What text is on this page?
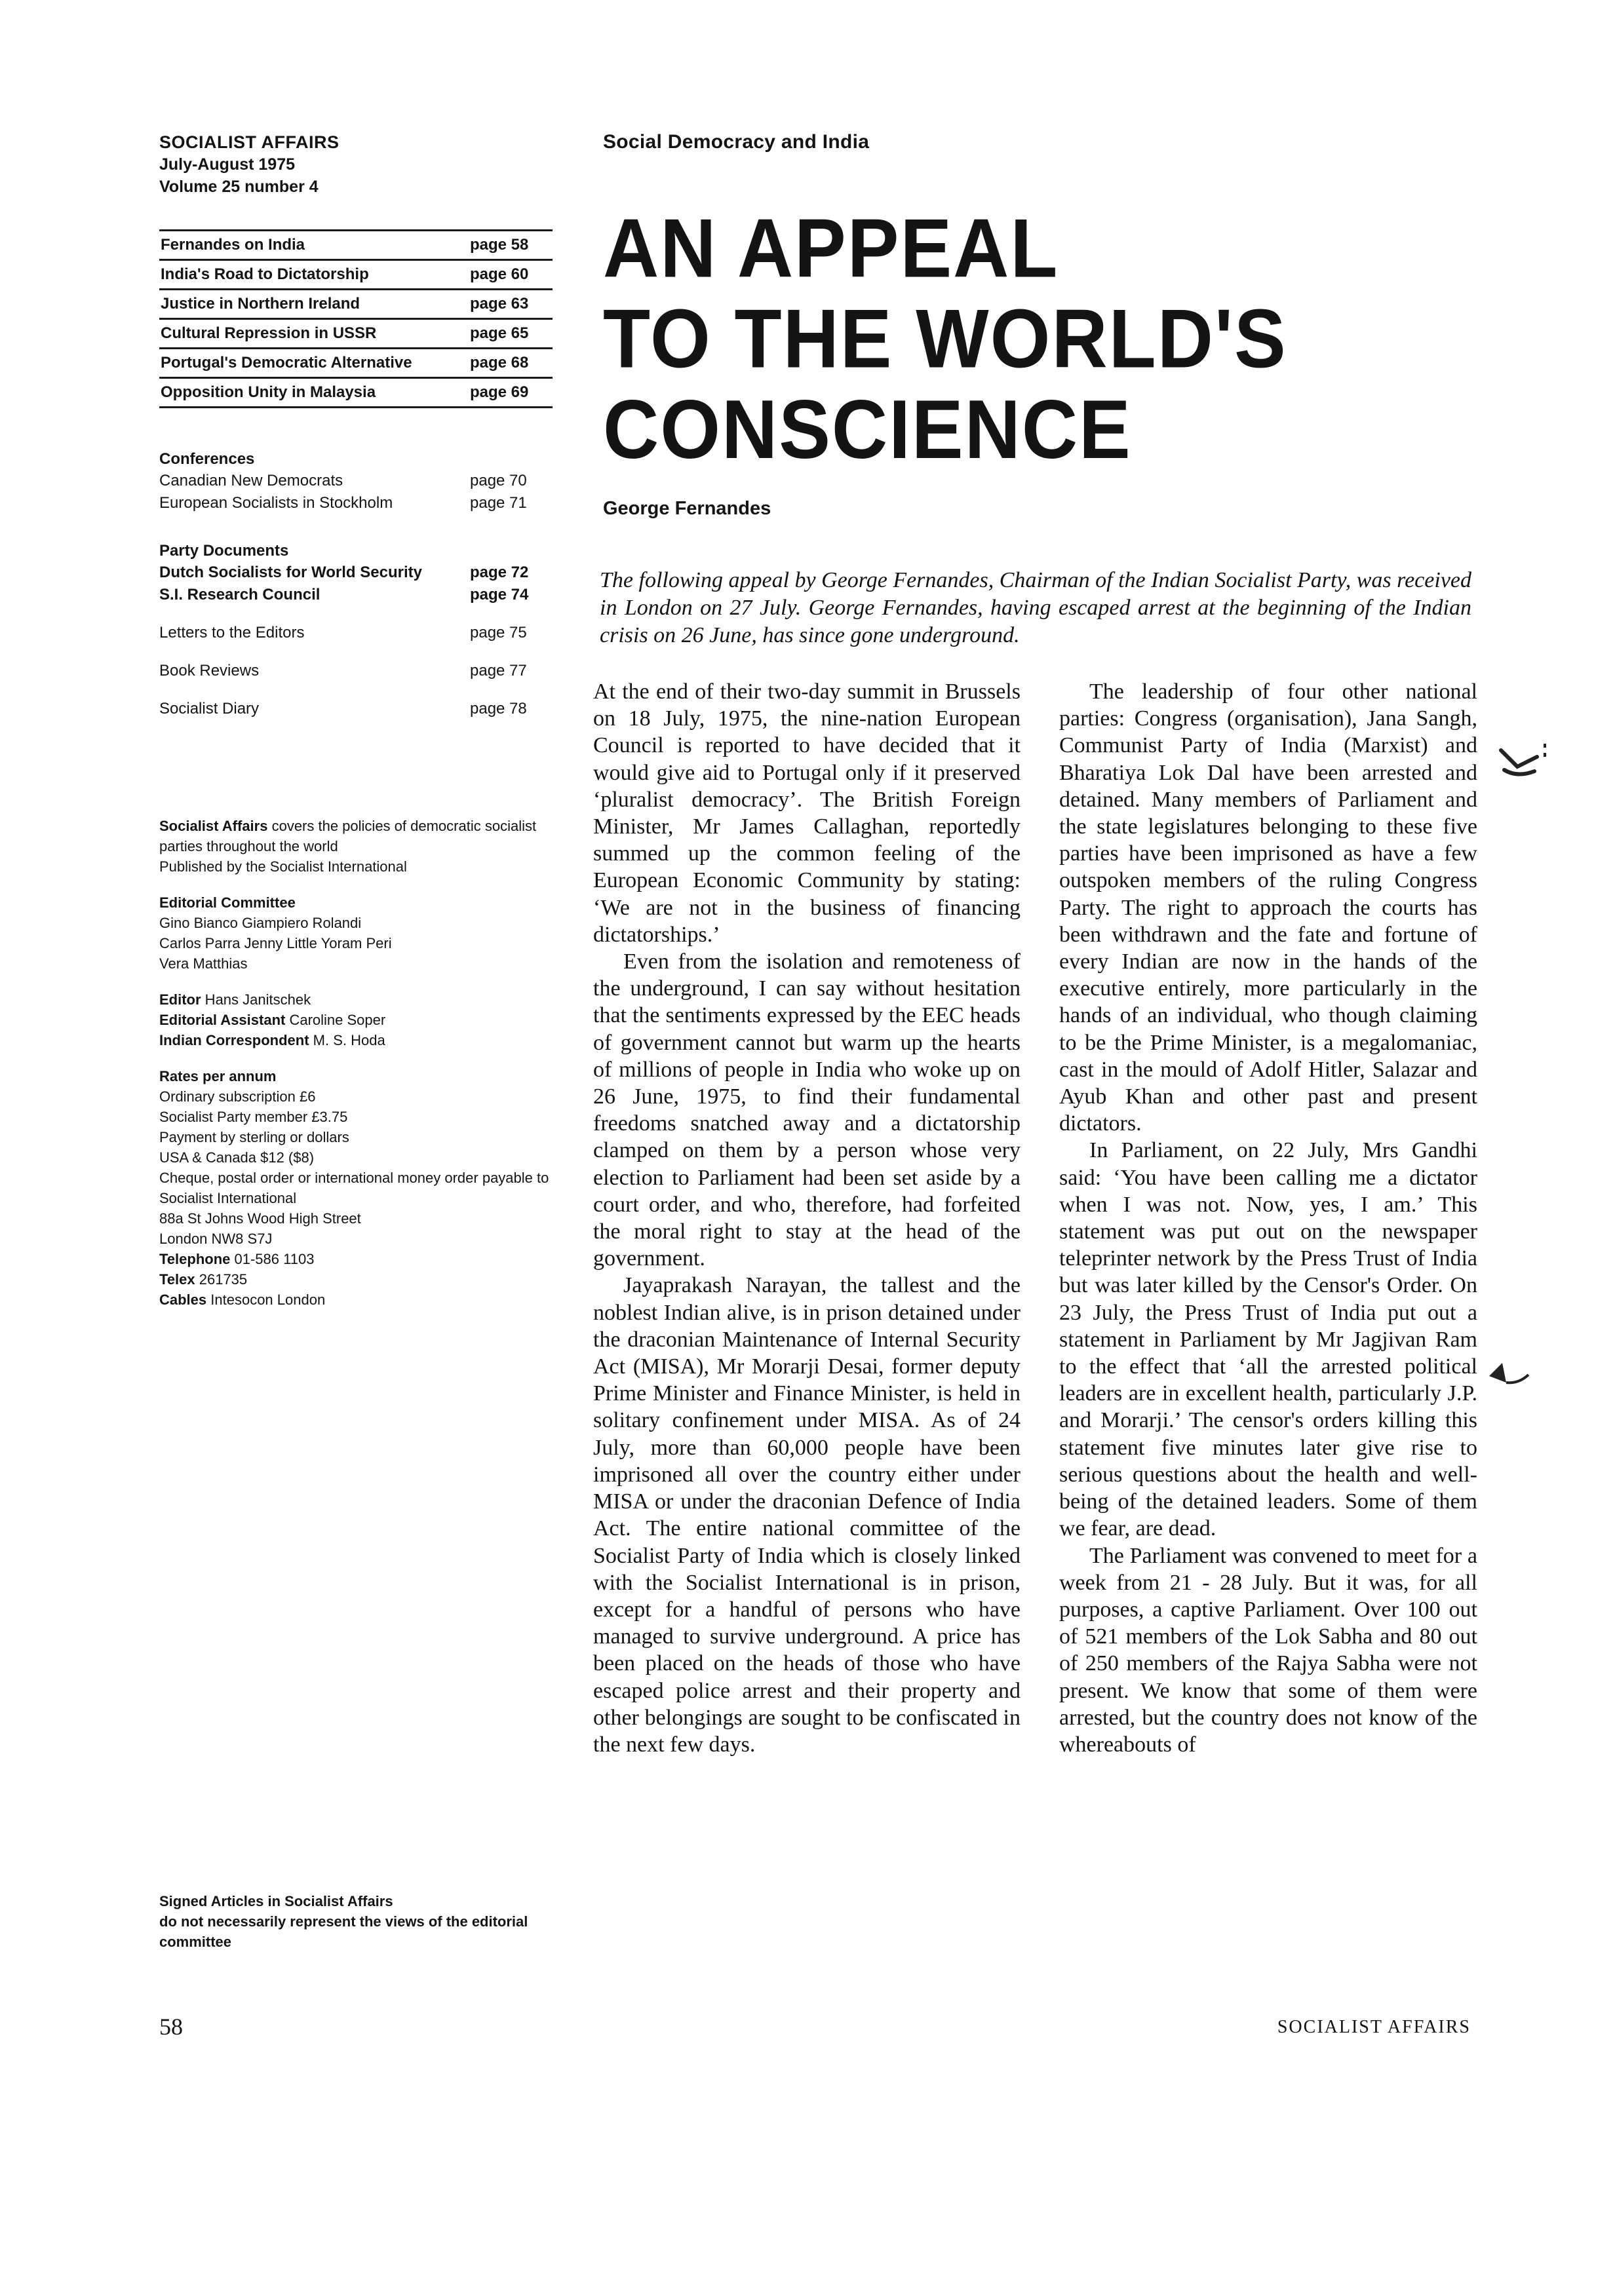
SOCIALIST AFFAIRS
July-August 1975
Volume 25 number 4
Fernandes on India	page 58
India's Road to Dictatorship	page 60
Justice in Northern Ireland	page 63
Cultural Repression in USSR	page 65
Portugal's Democratic Alternative	page 68
Opposition Unity in Malaysia	page 69
Conferences
Canadian New Democrats	page 70
European Socialists in Stockholm	page 71
Party Documents
Dutch Socialists for World Security	page 72
S.I. Research Council	page 74
Letters to the Editors	page 75
Book Reviews	page 77
Socialist Diary	page 78

Socialist Affairs covers the policies of democratic socialist parties throughout the world

Published by the Socialist International

Editorial Committee

Gino Bianco Giampiero Rolandi

Carlos Parra Jenny Little Yoram Peri

Vera Matthias

Editor Hans Janitschek

Editorial Assistant Caroline Soper

Indian Correspondent M. S. Hoda

Rates per annum

Ordinary subscription £6

Socialist Party member £3.75

Payment by sterling or dollars

USA & Canada $12 ($8)

Cheque, postal order or international money order payable to Socialist International

88a St Johns Wood High Street

London NW8 S7J

Telephone 01-586 1103

Telex 261735

Cables Intesocon London

Signed Articles in Socialist Affairs
do not necessarily represent the views of the editorial committee
Social Democracy and India
AN APPEAL
TO THE WORLD'S
CONSCIENCE
George Fernandes

The following appeal by George Fernandes, Chairman of the Indian Socialist Party, was received in London on 27 July. George Fernandes, having escaped arrest at the beginning of the Indian crisis on 26 June, has since gone underground.

At the end of their two-day summit in Brussels on 18 July, 1975, the nine-nation European Council is reported to have decided that it would give aid to Portugal only if it preserved ‘pluralist democracy’. The British Foreign Minister, Mr James Callaghan, reportedly summed up the common feeling of the European Economic Community by stating: ‘We are not in the business of financing dictatorships.’

Even from the isolation and remoteness of the underground, I can say without hesitation that the sentiments expressed by the EEC heads of government cannot but warm up the hearts of millions of people in India who woke up on 26 June, 1975, to find their fundamental freedoms snatched away and a dictatorship clamped on them by a person whose very election to Parliament had been set aside by a court order, and who, therefore, had forfeited the moral right to stay at the head of the government.

Jayaprakash Narayan, the tallest and the noblest Indian alive, is in prison detained under the draconian Maintenance of Internal Security Act (MISA), Mr Morarji Desai, former deputy Prime Minister and Finance Minister, is held in solitary confinement under MISA. As of 24 July, more than 60,000 people have been imprisoned all over the country either under MISA or under the draconian Defence of India Act. The entire national committee of the Socialist Party of India which is closely linked with the Socialist International is in prison, except for a handful of persons who have managed to survive underground. A price has been placed on the heads of those who have escaped police arrest and their property and other belongings are sought to be confiscated in the next few days.

The leadership of four other national parties: Congress (organisation), Jana Sangh, Communist Party of India (Marxist) and Bharatiya Lok Dal have been arrested and detained. Many members of Parliament and the state legislatures belonging to these five parties have been imprisoned as have a few outspoken members of the ruling Congress Party. The right to approach the courts has been withdrawn and the fate and fortune of every Indian are now in the hands of the executive entirely, more particularly in the hands of an individual, who though claiming to be the Prime Minister, is a megalomaniac, cast in the mould of Adolf Hitler, Salazar and Ayub Khan and other past and present dictators.

In Parliament, on 22 July, Mrs Gandhi said: ‘You have been calling me a dictator when I was not. Now, yes, I am.’ This statement was put out on the newspaper teleprinter network by the Press Trust of India but was later killed by the Censor's Order. On 23 July, the Press Trust of India put out a statement in Parliament by Mr Jagjivan Ram to the effect that ‘all the arrested political leaders are in excellent health, particularly J.P. and Morarji.’ The censor's orders killing this statement five minutes later give rise to serious questions about the health and well-being of the detained leaders. Some of them we fear, are dead.

The Parliament was convened to meet for a week from 21 - 28 July. But it was, for all purposes, a captive Parliament. Over 100 out of 521 members of the Lok Sabha and 80 out of 250 members of the Rajya Sabha were not present. We know that some of them were arrested, but the country does not know of the whereabouts of

58	SOCIALIST AFFAIRS
